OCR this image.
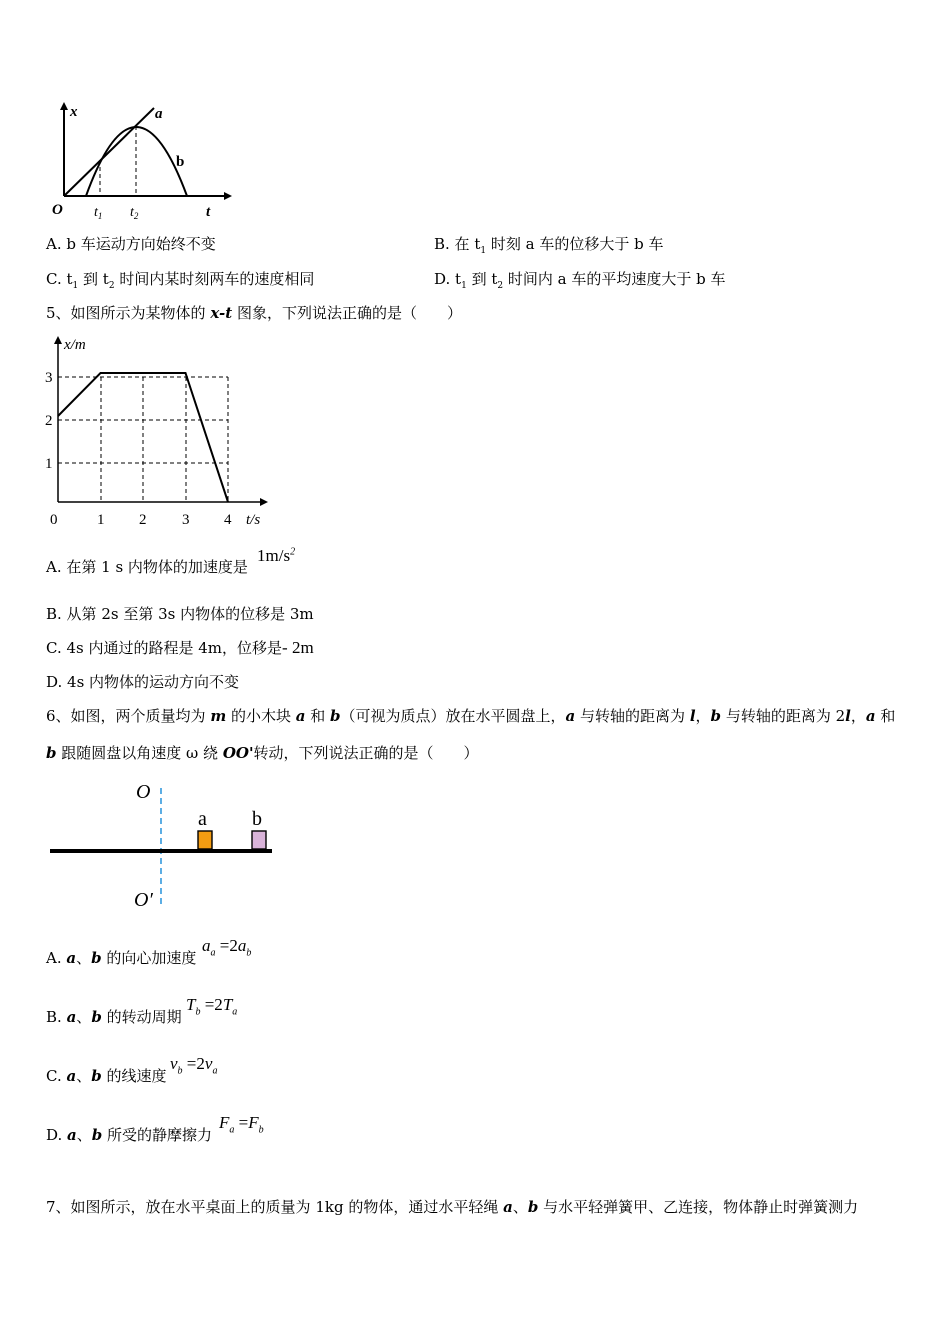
x
t
O $t_1$ $t_2$
a
b
A. b 车运动方向始终不变	B. 在 $t_1$ 时刻 a 车的位移大于 b 车
C. $t_1$ 到 $t_2$ 时间内某时刻两车的速度相同	D. $t_1$ 到 $t_2$ 时间内 a 车的平均速度大于 b 车
5、如图所示为某物体的 x-t 图象，下列说法正确的是（　　）
x/m
t/s
1
2
3
0	1 2 3 4
A. 在第 1 s 内物体的加速度是
$1m/s^2$
B. 从第 2s 至第 3s 内物体的位移是 3m
C. 4s 内通过的路程是 4m，位移是- 2m
D. 4s 内物体的运动方向不变
6、如图，两个质量均为 m 的小木块 a 和 b（可视为质点）放在水平圆盘上，a 与转轴的距离为 l，b 与转轴的距离为 2l，a 和
b 跟随圆盘以角速度 ω 绕 OO'转动，下列说法正确的是（　　）
O
O′
a b
A. a、b 的向心加速度
$a_a =2a_b$
B. a、b 的转动周期
$T_b =2T_a$
C. a、b 的线速度
$v_b =2v_a$
D. a、b 所受的静摩擦力
$F_a =F_b$
7、如图所示，放在水平桌面上的质量为 1kg 的物体，通过水平轻绳 a、b 与水平轻弹簧甲、乙连接，物体静止时弹簧测力
